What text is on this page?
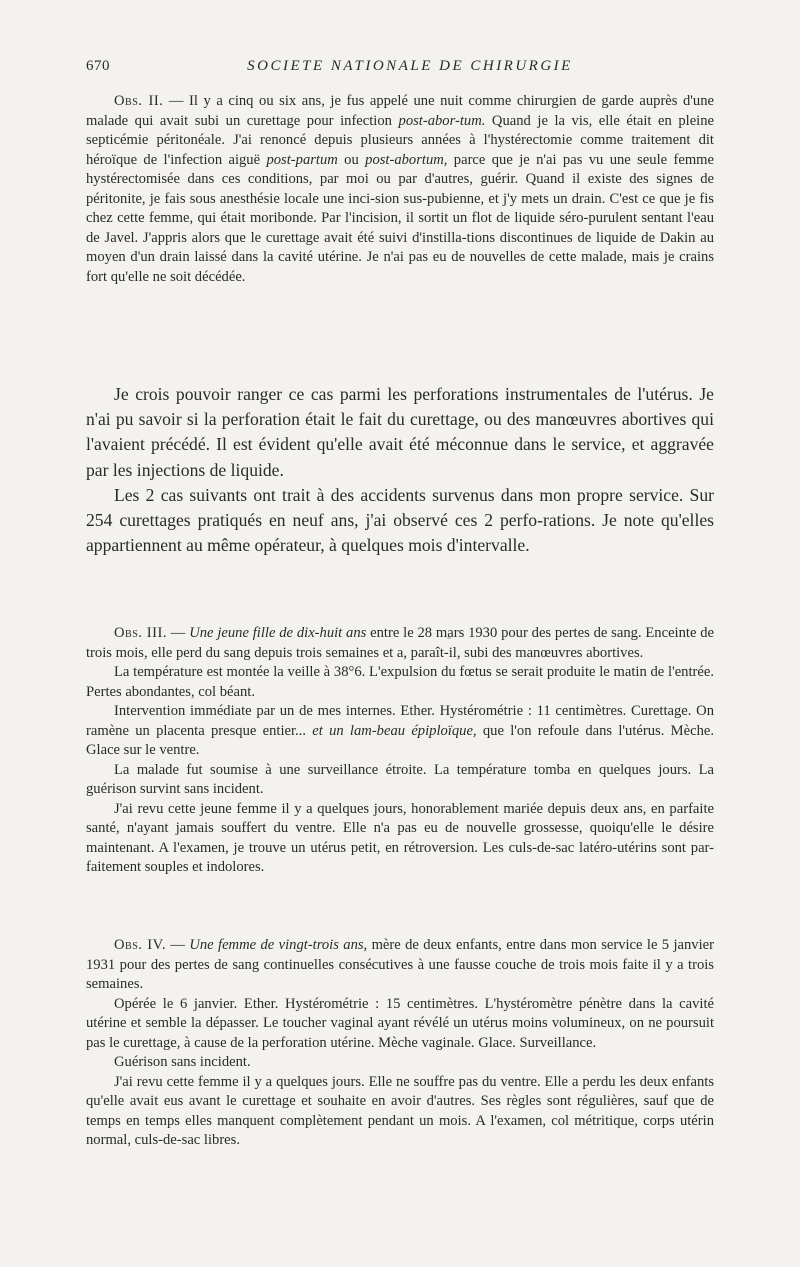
670	SOCIETE NATIONALE DE CHIRURGIE

Obs. II. — Il y a cinq ou six ans, je fus appelé une nuit comme chirurgien de garde auprès d'une malade qui avait subi un curettage pour infection post-abor-tum. Quand je la vis, elle était en pleine septicémie péritonéale. J'ai renoncé depuis plusieurs années à l'hystérectomie comme traitement dit héroïque de l'infection aiguë post-partum ou post-abortum, parce que je n'ai pas vu une seule femme hystérectomisée dans ces conditions, par moi ou par d'autres, guérir. Quand il existe des signes de péritonite, je fais sous anesthésie locale une inci-sion sus-pubienne, et j'y mets un drain. C'est ce que je fis chez cette femme, qui était moribonde. Par l'incision, il sortit un flot de liquide séro-purulent sentant l'eau de Javel. J'appris alors que le curettage avait été suivi d'instilla-tions discontinues de liquide de Dakin au moyen d'un drain laissé dans la cavité utérine. Je n'ai pas eu de nouvelles de cette malade, mais je crains fort qu'elle ne soit décédée.

Je crois pouvoir ranger ce cas parmi les perforations instrumentales de l'utérus. Je n'ai pu savoir si la perforation était le fait du curettage, ou des manœuvres abortives qui l'avaient précédé. Il est évident qu'elle avait été méconnue dans le service, et aggravée par les injections de liquide.

Les 2 cas suivants ont trait à des accidents survenus dans mon propre service. Sur 254 curettages pratiqués en neuf ans, j'ai observé ces 2 perfo-rations. Je note qu'elles appartiennent au même opérateur, à quelques mois d'intervalle.

Obs. III. — Une jeune fille de dix-huit ans entre le 28 mars 1930 pour des pertes de sang. Enceinte de trois mois, elle perd du sang depuis trois semaines et a, paraît-il, subi des manœuvres abortives.

La température est montée la veille à 38°6. L'expulsion du fœtus se serait produite le matin de l'entrée. Pertes abondantes, col béant.

Intervention immédiate par un de mes internes. Ether. Hystérométrie : 11 centimètres. Curettage. On ramène un placenta presque entier... et un lam-beau épiploïque, que l'on refoule dans l'utérus. Mèche. Glace sur le ventre.

La malade fut soumise à une surveillance étroite. La température tomba en quelques jours. La guérison survint sans incident.

J'ai revu cette jeune femme il y a quelques jours, honorablement mariée depuis deux ans, en parfaite santé, n'ayant jamais souffert du ventre. Elle n'a pas eu de nouvelle grossesse, quoiqu'elle le désire maintenant. A l'examen, je trouve un utérus petit, en rétroversion. Les culs-de-sac latéro-utérins sont par-faitement souples et indolores.

Obs. IV. — Une femme de vingt-trois ans, mère de deux enfants, entre dans mon service le 5 janvier 1931 pour des pertes de sang continuelles consécutives à une fausse couche de trois mois faite il y a trois semaines.

Opérée le 6 janvier. Ether. Hystérométrie : 15 centimètres. L'hystéromètre pénètre dans la cavité utérine et semble la dépasser. Le toucher vaginal ayant révélé un utérus moins volumineux, on ne poursuit pas le curettage, à cause de la perforation utérine. Mèche vaginale. Glace. Surveillance.

Guérison sans incident.

J'ai revu cette femme il y a quelques jours. Elle ne souffre pas du ventre. Elle a perdu les deux enfants qu'elle avait eus avant le curettage et souhaite en avoir d'autres. Ses règles sont régulières, sauf que de temps en temps elles manquent complètement pendant un mois. A l'examen, col métritique, corps utérin normal, culs-de-sac libres.
